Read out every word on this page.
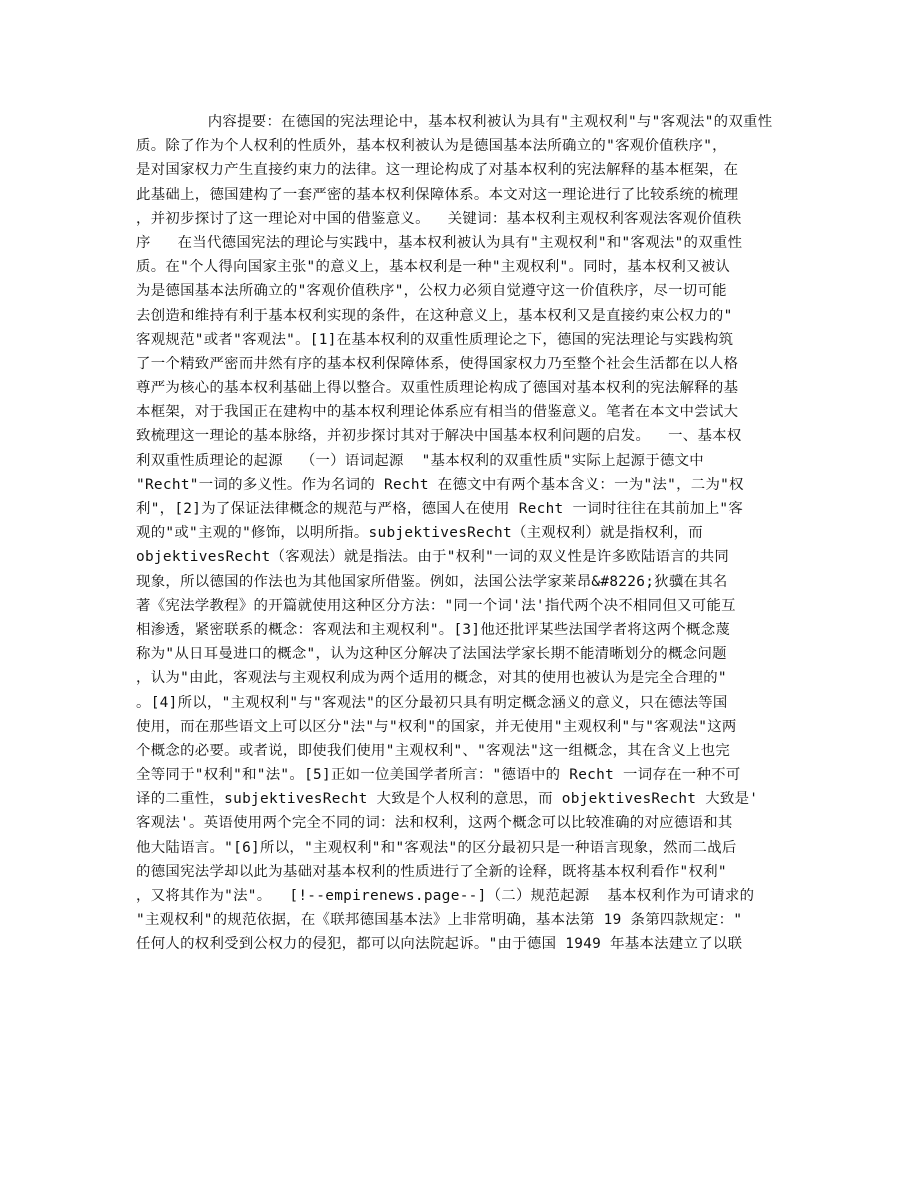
内容提要：在德国的宪法理论中，基本权利被认为具有"主观权利"与"客观法"的双重性
质。除了作为个人权利的性质外，基本权利被认为是德国基本法所确立的"客观价值秩序"，
是对国家权力产生直接约束力的法律。这一理论构成了对基本权利的宪法解释的基本框架，在
此基础上，德国建构了一套严密的基本权利保障体系。本文对这一理论进行了比较系统的梳理
，并初步探讨了这一理论对中国的借鉴意义。  关键词：基本权利主观权利客观法客观价值秩
序   在当代德国宪法的理论与实践中，基本权利被认为具有"主观权利"和"客观法"的双重性
质。在"个人得向国家主张"的意义上，基本权利是一种"主观权利"。同时，基本权利又被认
为是德国基本法所确立的"客观价值秩序"，公权力必须自觉遵守这一价值秩序，尽一切可能
去创造和维持有利于基本权利实现的条件，在这种意义上，基本权利又是直接约束公权力的"
客观规范"或者"客观法"。[1]在基本权利的双重性质理论之下，德国的宪法理论与实践构筑
了一个精致严密而井然有序的基本权利保障体系，使得国家权力乃至整个社会生活都在以人格
尊严为核心的基本权利基础上得以整合。双重性质理论构成了德国对基本权利的宪法解释的基
本框架，对于我国正在建构中的基本权利理论体系应有相当的借鉴意义。笔者在本文中尝试大
致梳理这一理论的基本脉络，并初步探讨其对于解决中国基本权利问题的启发。  一、基本权
利双重性质理论的起源  （一）语词起源  "基本权利的双重性质"实际上起源于德文中
"Recht"一词的多义性。作为名词的 Recht 在德文中有两个基本含义：一为"法"，二为"权
利"，[2]为了保证法律概念的规范与严格，德国人在使用 Recht 一词时往往在其前加上"客
观的"或"主观的"修饰，以明所指。subjektivesRecht（主观权利）就是指权利，而
objektivesRecht（客观法）就是指法。由于"权利"一词的双义性是许多欧陆语言的共同
现象，所以德国的作法也为其他国家所借鉴。例如，法国公法学家莱昂&#8226;狄骥在其名
著《宪法学教程》的开篇就使用这种区分方法："同一个词'法'指代两个决不相同但又可能互
相渗透，紧密联系的概念：客观法和主观权利"。[3]他还批评某些法国学者将这两个概念蔑
称为"从日耳曼进口的概念"，认为这种区分解决了法国法学家长期不能清晰划分的概念问题
，认为"由此，客观法与主观权利成为两个适用的概念，对其的使用也被认为是完全合理的"
。[4]所以，"主观权利"与"客观法"的区分最初只具有明定概念涵义的意义，只在德法等国
使用，而在那些语文上可以区分"法"与"权利"的国家，并无使用"主观权利"与"客观法"这两
个概念的必要。或者说，即使我们使用"主观权利"、"客观法"这一组概念，其在含义上也完
全等同于"权利"和"法"。[5]正如一位美国学者所言："德语中的 Recht 一词存在一种不可
译的二重性，subjektivesRecht 大致是个人权利的意思，而 objektivesRecht 大致是'
客观法'。英语使用两个完全不同的词：法和权利，这两个概念可以比较准确的对应德语和其
他大陆语言。"[6]所以，"主观权利"和"客观法"的区分最初只是一种语言现象，然而二战后
的德国宪法学却以此为基础对基本权利的性质进行了全新的诠释，既将基本权利看作"权利"
，又将其作为"法"。  [!--empirenews.page--]（二）规范起源  基本权利作为可请求的
"主观权利"的规范依据，在《联邦德国基本法》上非常明确，基本法第 19 条第四款规定："
任何人的权利受到公权力的侵犯，都可以向法院起诉。"由于德国 1949 年基本法建立了以联
